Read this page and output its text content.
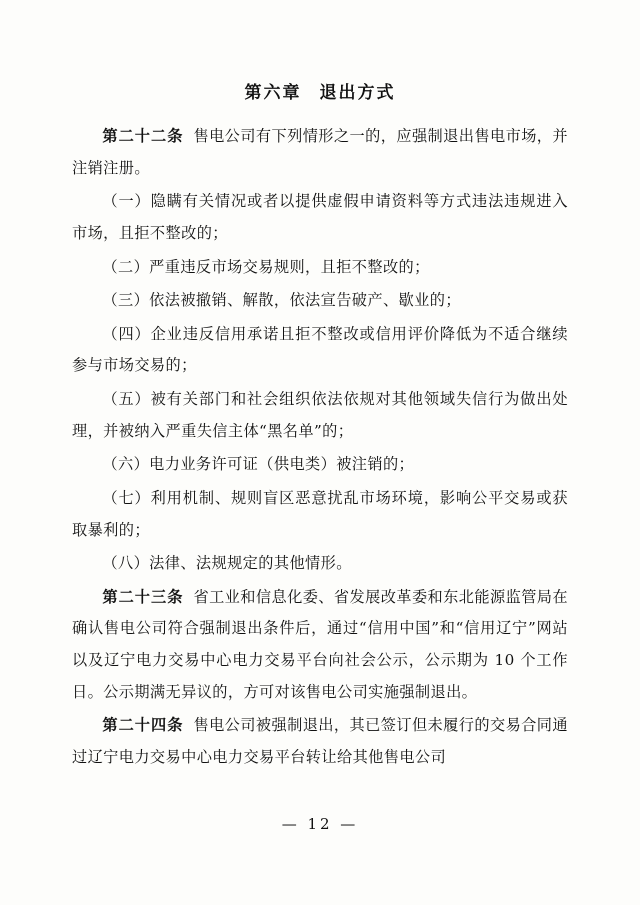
第六章 退出方式

第二十二条 售电公司有下列情形之一的，应强制退出售电市场，并注销注册。

（一）隐瞒有关情况或者以提供虚假申请资料等方式违法违规进入市场，且拒不整改的；

（二）严重违反市场交易规则，且拒不整改的；

（三）依法被撤销、解散，依法宣告破产、歇业的；

（四）企业违反信用承诺且拒不整改或信用评价降低为不适合继续参与市场交易的；

（五）被有关部门和社会组织依法依规对其他领域失信行为做出处理，并被纳入严重失信主体“黑名单”的；

（六）电力业务许可证（供电类）被注销的；

（七）利用机制、规则盲区恶意扰乱市场环境，影响公平交易或获取暴利的；

（八）法律、法规规定的其他情形。

第二十三条 省工业和信息化委、省发展改革委和东北能源监管局在确认售电公司符合强制退出条件后，通过“信用中国”和“信用辽宁”网站以及辽宁电力交易中心电力交易平台向社会公示，公示期为 10 个工作日。公示期满无异议的，方可对该售电公司实施强制退出。

第二十四条 售电公司被强制退出，其已签订但未履行的交易合同通过辽宁电力交易中心电力交易平台转让给其他售电公司

— 12 —
